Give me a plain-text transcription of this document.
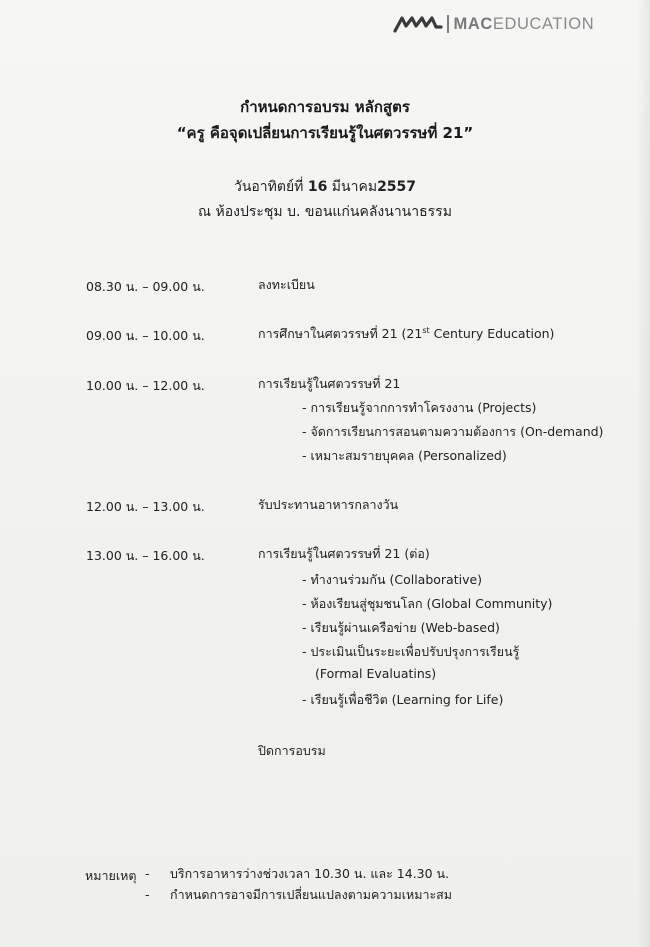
MACEDUCATION
กำหนดการอบรม หลักสูตร
“ครู คือจุดเปลี่ยนการเรียนรู้ในศตวรรษที่ 21”
วันอาทิตย์ที่ 16 มีนาคม2557
ณ ห้องประชุม บ. ขอนแก่นคลังนานาธรรม
08.30 น. – 09.00 น.	ลงทะเบียน
09.00 น. – 10.00 น.	การศึกษาในศตวรรษที่ 21 (21st Century Education)
10.00 น. – 12.00 น.	การเรียนรู้ในศตวรรษที่ 21
- การเรียนรู้จากการทำโครงงาน (Projects)
- จัดการเรียนการสอนตามความต้องการ (On-demand)
- เหมาะสมรายบุคคล (Personalized)
12.00 น. – 13.00 น.	รับประทานอาหารกลางวัน
13.00 น. – 16.00 น.	การเรียนรู้ในศตวรรษที่ 21 (ต่อ)
- ทำงานร่วมกัน (Collaborative)
- ห้องเรียนสู่ชุมชนโลก (Global Community)
- เรียนรู้ผ่านเครือข่าย (Web-based)
- ประเมินเป็นระยะเพื่อปรับปรุงการเรียนรู้
(Formal Evaluatins)
- เรียนรู้เพื่อชีวิต (Learning for Life)
ปิดการอบรม
หมายเหตุ - บริการอาหารว่างช่วงเวลา 10.30 น. และ 14.30 น.
- กำหนดการอาจมีการเปลี่ยนแปลงตามความเหมาะสม
